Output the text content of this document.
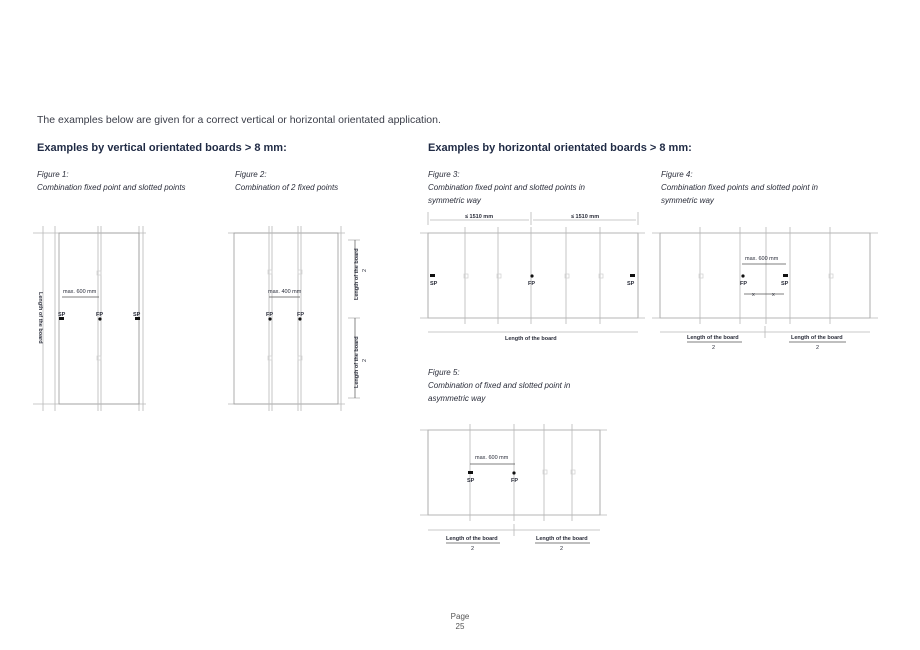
The examples below are given for a correct vertical or horizontal orientated application.
Examples by vertical orientated boards > 8 mm:	Examples by horizontal orientated boards > 8 mm:
Figure 1:
Combination fixed point and slotted points
Figure 2:
Combination of 2 fixed points
Figure 3:
Combination fixed point and slotted points in symmetric way
Figure 4:
Combination fixed points and slotted point in symmetric way
Figure 5:
Combination of fixed and slotted point in asymmetric way
max. 600 mm
SP	FP	SP
Length of the board	max. 400 mm
FP	FP
Length of the board 2
Length of the board 2
≤ 1510 mm	≤ 1510 mm
SP	FP	SP
Length of the board
max. 600 mm
FP	SP
x	x
Length of the board
2
Length of the board
2
max. 600 mm
SP	FP
Length of the board
2
Length of the board
2
Page
25
